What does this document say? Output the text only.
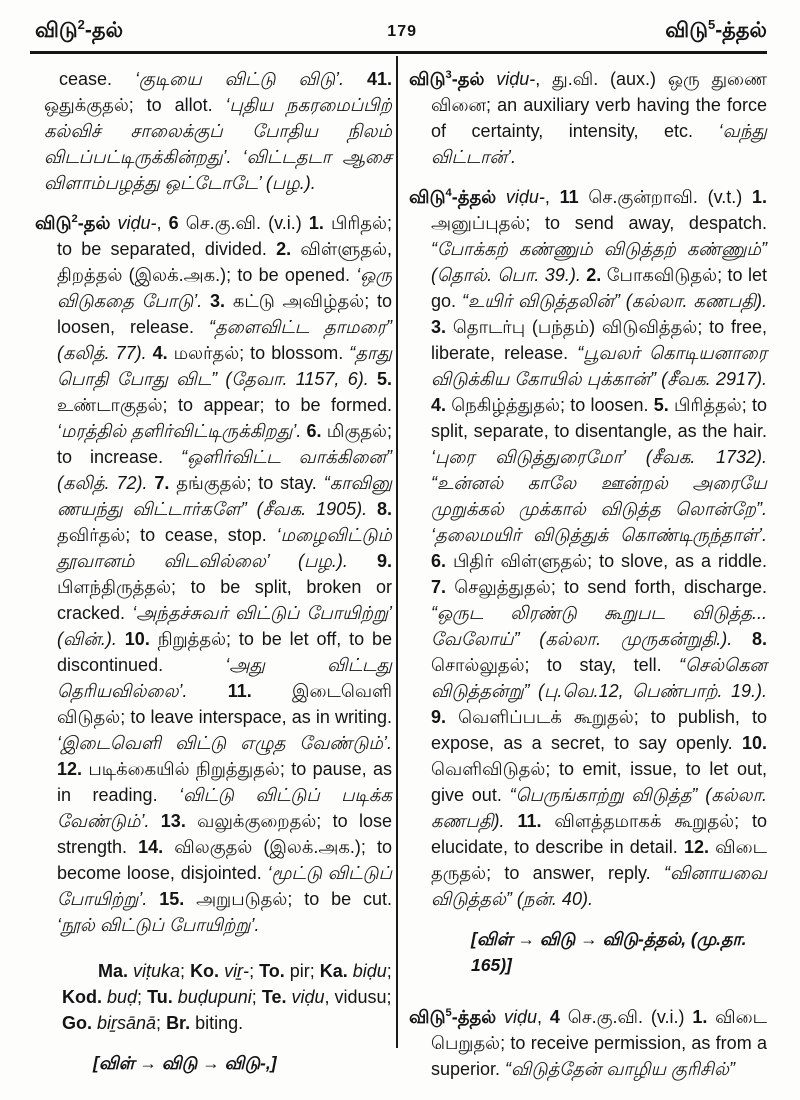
விடு$^2$-தல்	179	விடு$^5$-த்தல்

cease. ‘குடியை விட்டு விடு’. 41. ஒதுக்குதல்; to allot. ‘புதிய நகரமைப்பிற் கல்விச் சாலைக்குப் போதிய நிலம் விடப்பட்டிருக்கின்றது’. ‘விட்டதடா ஆசை விளாம்பழத்து ஒட்டோடே’ (பழ.).

விடு$^2$-தல் viḍu-, 6 செ.கு.வி. (v.i.) 1. பிரிதல்; to be separated, divided. 2. விள்ளுதல், திறத்தல் (இலக்.அக.); to be opened. ‘ஒரு விடுகதை போடு’. 3. கட்டு அவிழ்தல்; to loosen, release. “தளைவிட்ட தாமரை” (கலித். 77). 4. மலர்தல்; to blossom. “தாது பொதி போது விட” (தேவா. 1157, 6). 5. உண்டாகுதல்; to appear; to be formed. ‘மரத்தில் தளிர்விட்டிருக்கிறது’. 6. மிகுதல்; to increase. “ஒளிர்விட்ட வாக்கினை” (கலித். 72). 7. தங்குதல்; to stay. “காவினு ணயந்து விட்டார்களே” (சீவக. 1905). 8. தவிர்தல்; to cease, stop. ‘மழைவிட்டும் தூவானம் விடவில்லை’ (பழ.). 9. பிளந்திருத்தல்; to be split, broken or cracked. ‘அந்தச்சுவர் விட்டுப் போயிற்று’ (வின்.). 10. நிறுத்தல்; to be let off, to be discontinued. ‘அது விட்டது தெரியவில்லை’. 11. இடைவெளி விடுதல்; to leave interspace, as in writing. ‘இடைவெளி விட்டு எழுத வேண்டும்’. 12. படிக்கையில் நிறுத்துதல்; to pause, as in reading. ‘விட்டு விட்டுப் படிக்க வேண்டும்’. 13. வலுக்குறைதல்; to lose strength. 14. விலகுதல் (இலக்.அக.); to become loose, disjointed. ‘மூட்டு விட்டுப் போயிற்று’. 15. அறுபடுதல்; to be cut. ‘நூல் விட்டுப் போயிற்று’.

Ma. viṭuka; Ko. viṟ-; To. pir; Ka. biḍu; Kod. buḍ; Tu. buḍupuni; Te. viḍu, vidusu; Go. biṟsānā; Br. biting.

[விள் → விடு → விடு-,]

விடு$^3$-தல் viḍu-, து.வி. (aux.) ஒரு துணை வினை; an auxiliary verb having the force of certainty, intensity, etc. ‘வந்து விட்டான்’.

விடு$^4$-த்தல் viḍu-, 11 செ.குன்றாவி. (v.t.) 1. அனுப்புதல்; to send away, despatch. “போக்கற் கண்ணும் விடுத்தற் கண்ணும்” (தொல். பொ. 39.). 2. போகவிடுதல்; to let go. “உயிர் விடுத்தலின்” (கல்லா. கணபதி). 3. தொடர்பு (பந்தம்) விடுவித்தல்; to free, liberate, release. “பூவலர் கொடியனாரை விடுக்கிய கோயில் புக்கான்” (சீவக. 2917). 4. நெகிழ்த்துதல்; to loosen. 5. பிரித்தல்; to split, separate, to disentangle, as the hair. ‘புரை விடுத்துரைமோ’ (சீவக. 1732). “உன்னல் காலே ஊன்றல் அரையே முறுக்கல் முக்கால் விடுத்த லொன்றே”. ‘தலைமயிர் விடுத்துக் கொண்டிருந்தாள்’. 6. பிதிர் விள்ளுதல்; to slove, as a riddle. 7. செலுத்துதல்; to send forth, discharge. “ஒருட லிரண்டு கூறுபட விடுத்த... வேலோய்” (கல்லா. முருகன்றுதி.). 8. சொல்லுதல்; to stay, tell. “செல்கென விடுத்தன்று” (பு.வெ.12, பெண்பாற். 19.). 9. வெளிப்படக் கூறுதல்; to publish, to expose, as a secret, to say openly. 10. வெளிவிடுதல்; to emit, issue, to let out, give out. “பெருங்காற்று விடுத்த” (கல்லா. கணபதி). 11. விளத்தமாகக் கூறுதல்; to elucidate, to describe in detail. 12. விடை தருதல்; to answer, reply. “வினாயவை விடுத்தல்” (நன். 40).

[விள் → விடு → விடு-த்தல், (மு.தா. 165)]

விடு$^5$-த்தல் viḍu, 4 செ.கு.வி. (v.i.) 1. விடை பெறுதல்; to receive permission, as from a superior. “விடுத்தேன் வாழிய குரிசில்”
